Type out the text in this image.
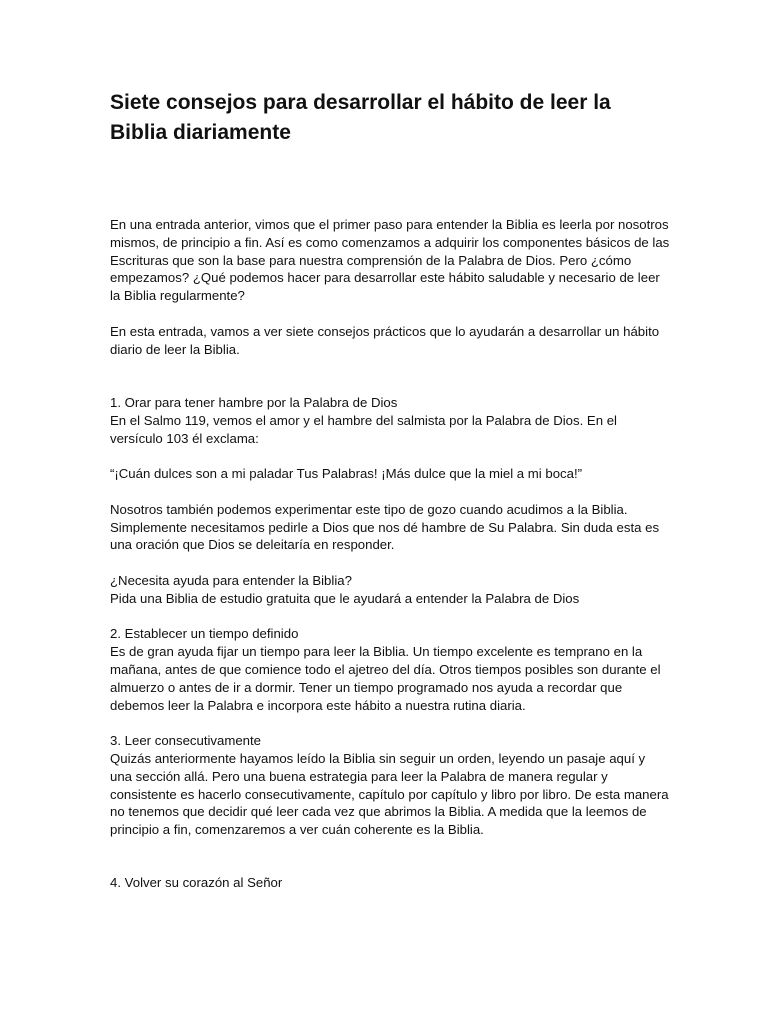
Siete consejos para desarrollar el hábito de leer la Biblia diariamente

En una entrada anterior, vimos que el primer paso para entender la Biblia es leerla por nosotros mismos, de principio a fin. Así es como comenzamos a adquirir los componentes básicos de las Escrituras que son la base para nuestra comprensión de la Palabra de Dios. Pero ¿cómo empezamos? ¿Qué podemos hacer para desarrollar este hábito saludable y necesario de leer la Biblia regularmente?

En esta entrada, vamos a ver siete consejos prácticos que lo ayudarán a desarrollar un hábito diario de leer la Biblia.

1. Orar para tener hambre por la Palabra de Dios
En el Salmo 119, vemos el amor y el hambre del salmista por la Palabra de Dios. En el versículo 103 él exclama:

“¡Cuán dulces son a mi paladar Tus Palabras! ¡Más dulce que la miel a mi boca!”

Nosotros también podemos experimentar este tipo de gozo cuando acudimos a la Biblia. Simplemente necesitamos pedirle a Dios que nos dé hambre de Su Palabra. Sin duda esta es una oración que Dios se deleitaría en responder.

¿Necesita ayuda para entender la Biblia?
Pida una Biblia de estudio gratuita que le ayudará a entender la Palabra de Dios

2. Establecer un tiempo definido
Es de gran ayuda fijar un tiempo para leer la Biblia. Un tiempo excelente es temprano en la mañana, antes de que comience todo el ajetreo del día. Otros tiempos posibles son durante el almuerzo o antes de ir a dormir. Tener un tiempo programado nos ayuda a recordar que debemos leer la Palabra e incorpora este hábito a nuestra rutina diaria.

3. Leer consecutivamente
Quizás anteriormente hayamos leído la Biblia sin seguir un orden, leyendo un pasaje aquí y una sección allá. Pero una buena estrategia para leer la Palabra de manera regular y consistente es hacerlo consecutivamente, capítulo por capítulo y libro por libro. De esta manera no tenemos que decidir qué leer cada vez que abrimos la Biblia. A medida que la leemos de principio a fin, comenzaremos a ver cuán coherente es la Biblia.

4. Volver su corazón al Señor
